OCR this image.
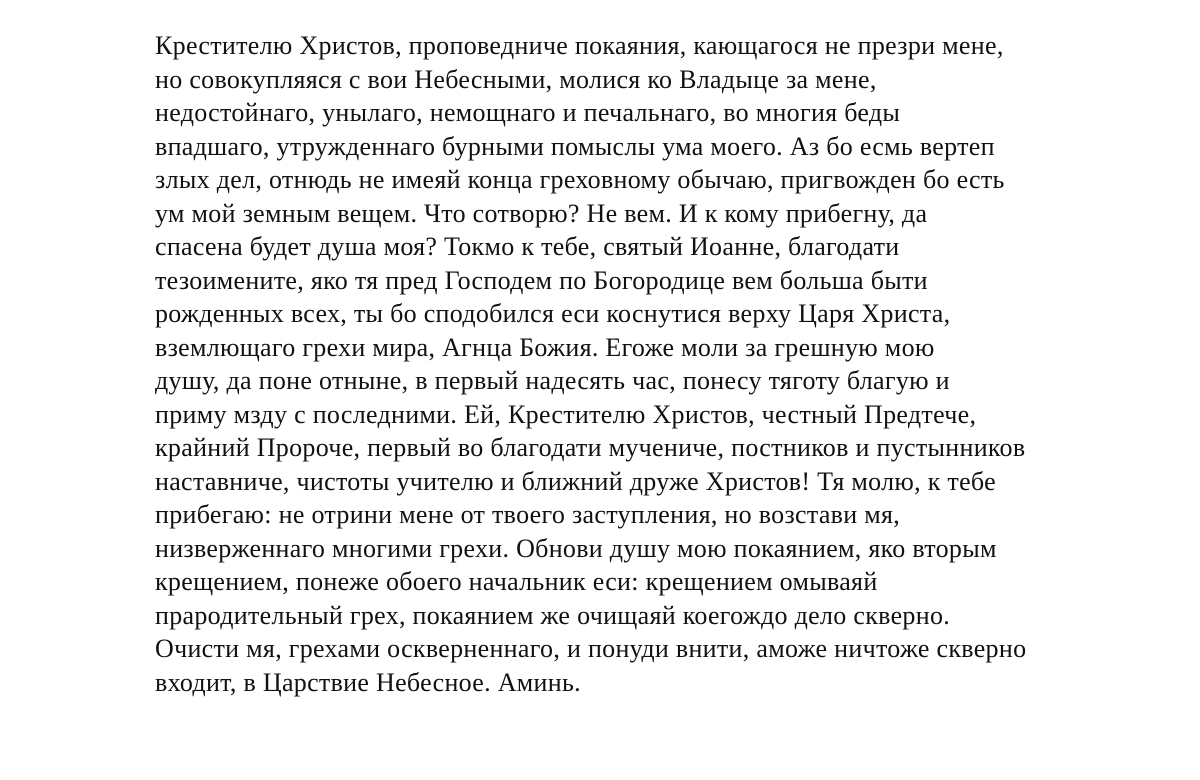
Крестителю Христов, проповедниче покаяния, кающагося не презри мене,
но совокупляяся с вои Небесными, молися ко Владыце за мене,
недостойнаго, унылаго, немощнаго и печальнаго, во многия беды
впадшаго, утружденнаго бурными помыслы ума моего. Аз бо есмь вертеп
злых дел, отнюдь не имеяй конца греховному обычаю, пригвожден бо есть
ум мой земным вещем. Что сотворю? Не вем. И к кому прибегну, да
спасена будет душа моя? Токмо к тебе, святый Иоанне, благодати
тезоимените, яко тя пред Господем по Богородице вем больша быти
рожденных всех, ты бо сподобился еси коснутися верху Царя Христа,
вземлющаго грехи мира, Агнца Божия. Егоже моли за грешную мою
душу, да поне отныне, в первый надесять час, понесу тяготу благую и
приму мзду с последними. Ей, Крестителю Христов, честный Предтече,
крайний Пророче, первый во благодати мучениче, постников и пустынников
наставниче, чистоты учителю и ближний друже Христов! Тя молю, к тебе
прибегаю: не отрини мене от твоего заступления, но возстави мя,
низверженнаго многими грехи. Обнови душу мою покаянием, яко вторым
крещением, понеже обоего начальник еси: крещением омываяй
прародительный грех, покаянием же очищаяй коегождо дело скверно.
Очисти мя, грехами оскверненнаго, и понуди внити, аможе ничтоже скверно
входит, в Царствие Небесное. Аминь.
